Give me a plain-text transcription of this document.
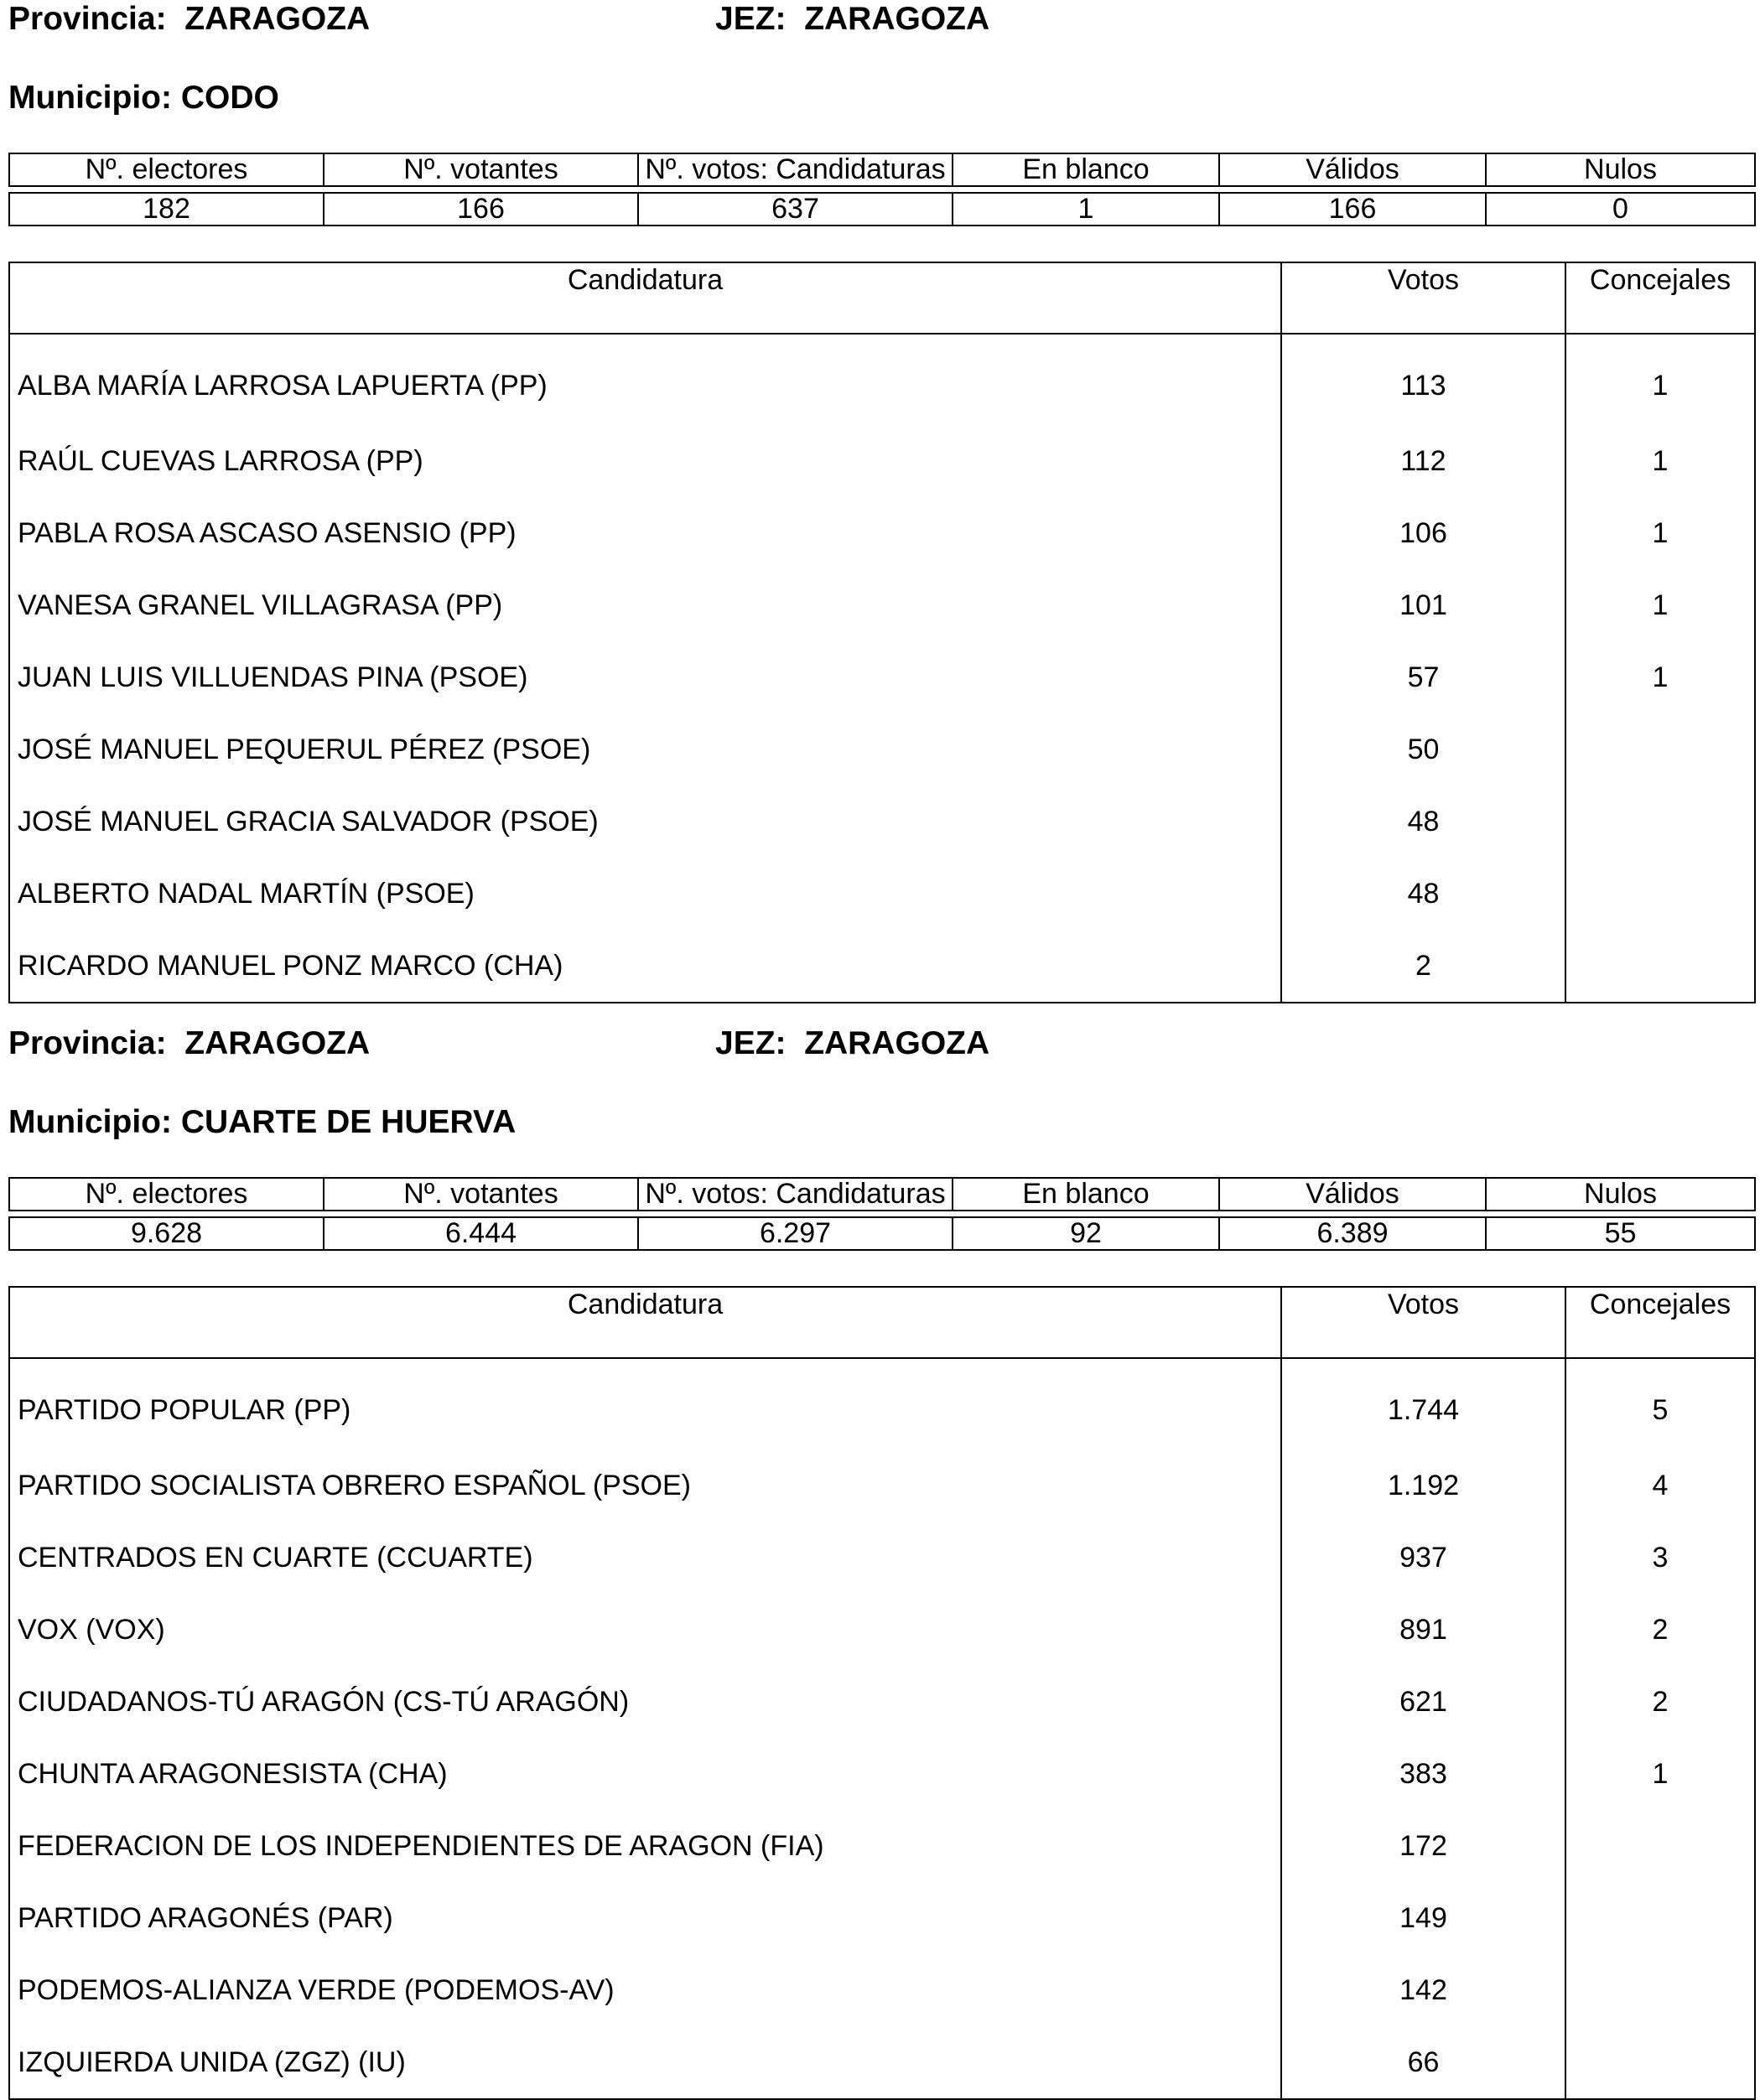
Provincia: ZARAGOZA	JEZ: ZARAGOZA
Municipio: CODO
Nº. electores	Nº. votantes	Nº. votos: Candidaturas	En blanco	Válidos	Nulos

182	166	637	1	166	0
Candidatura	Votos	Concejales
ALBA MARÍA LARROSA LAPUERTA (PP)	113	1
RAÚL CUEVAS LARROSA (PP)	112	1
PABLA ROSA ASCASO ASENSIO (PP)	106	1
VANESA GRANEL VILLAGRASA (PP)	101	1
JUAN LUIS VILLUENDAS PINA (PSOE)	57	1
JOSÉ MANUEL PEQUERUL PÉREZ (PSOE)	50	
JOSÉ MANUEL GRACIA SALVADOR (PSOE)	48	
ALBERTO NADAL MARTÍN (PSOE)	48	
RICARDO MANUEL PONZ MARCO (CHA)	2	
Provincia: ZARAGOZA	JEZ: ZARAGOZA
Municipio: CUARTE DE HUERVA
Nº. electores	Nº. votantes	Nº. votos: Candidaturas	En blanco	Válidos	Nulos

9.628	6.444	6.297	92	6.389	55
Candidatura	Votos	Concejales
PARTIDO POPULAR (PP)	1.744	5
PARTIDO SOCIALISTA OBRERO ESPAÑOL (PSOE)	1.192	4
CENTRADOS EN CUARTE (CCUARTE)	937	3
VOX (VOX)	891	2
CIUDADANOS-TÚ ARAGÓN (CS-TÚ ARAGÓN)	621	2
CHUNTA ARAGONESISTA (CHA)	383	1
FEDERACION DE LOS INDEPENDIENTES DE ARAGON (FIA)	172	
PARTIDO ARAGONÉS (PAR)	149	
PODEMOS-ALIANZA VERDE (PODEMOS-AV)	142	
IZQUIERDA UNIDA (ZGZ) (IU)	66	
